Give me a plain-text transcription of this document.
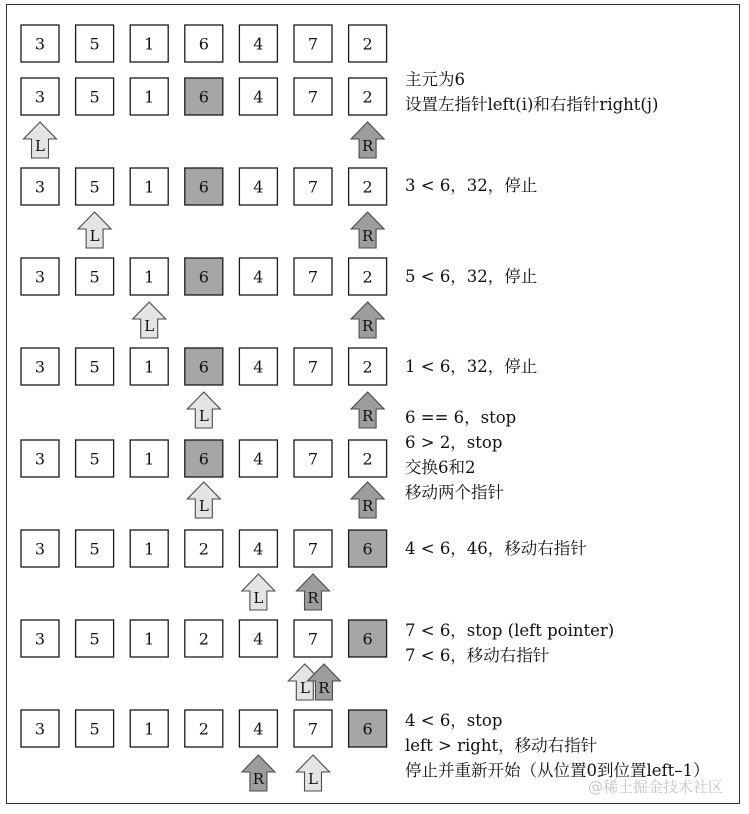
3	5	1	6	4	7	2
3	5	1	6	4	7	2
L	R
3	5	1	6	4	7	2
L	R
3	5	1	6	4	7	2
L	R
3	5	1	6	4	7	2
L	R
3	5	1	6	4	7	2
L	R
3	5	1	2	4	7	6
L	R
3	5	1	2	4	7	6
L R
3	5	1	2	4	7	6
R	L
主元为6
设置左指针left(i)和右指针right(j)
3 < 6，32，停止
5 < 6，32，停止
1 < 6，32，停止
6 == 6，stop
6 > 2，stop
交换6和2
移动两个指针
4 < 6，46，移动右指针
7 < 6，stop (left pointer)
7 < 6，移动右指针
4 < 6，stop
left > right，移动右指针
停止并重新开始（从位置0到位置left–1）
@稀土掘金技术社区
